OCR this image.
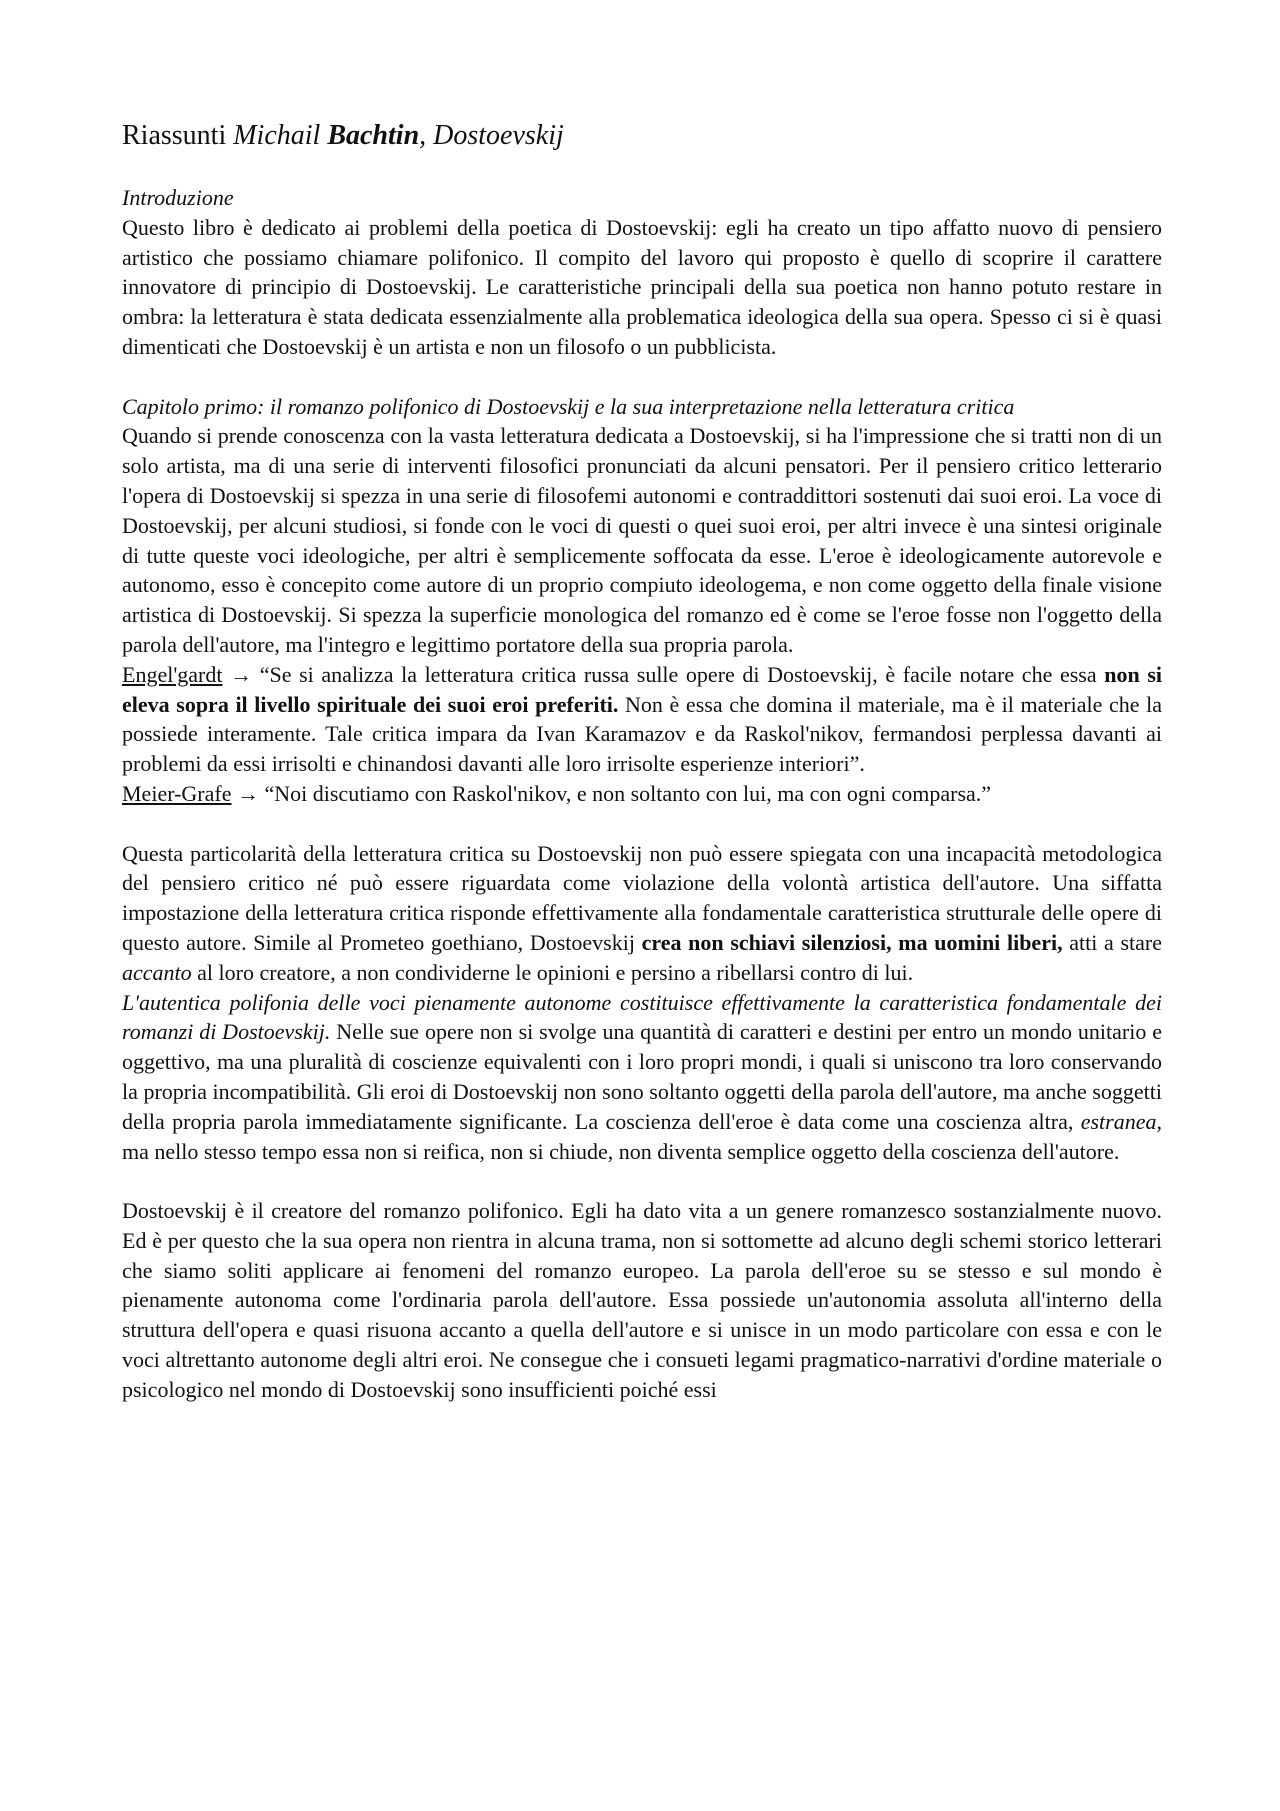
Riassunti Michail Bachtin, Dostoevskij

Introduzione

Questo libro è dedicato ai problemi della poetica di Dostoevskij: egli ha creato un tipo affatto nuovo di pensiero artistico che possiamo chiamare polifonico. Il compito del lavoro qui proposto è quello di scoprire il carattere innovatore di principio di Dostoevskij. Le caratteristiche principali della sua poetica non hanno potuto restare in ombra: la letteratura è stata dedicata essenzialmente alla problematica ideologica della sua opera. Spesso ci si è quasi dimenticati che Dostoevskij è un artista e non un filosofo o un pubblicista.

Capitolo primo: il romanzo polifonico di Dostoevskij e la sua interpretazione nella letteratura critica

Quando si prende conoscenza con la vasta letteratura dedicata a Dostoevskij, si ha l'impressione che si tratti non di un solo artista, ma di una serie di interventi filosofici pronunciati da alcuni pensatori. Per il pensiero critico letterario l'opera di Dostoevskij si spezza in una serie di filosofemi autonomi e contraddittori sostenuti dai suoi eroi. La voce di Dostoevskij, per alcuni studiosi, si fonde con le voci di questi o quei suoi eroi, per altri invece è una sintesi originale di tutte queste voci ideologiche, per altri è semplicemente soffocata da esse. L'eroe è ideologicamente autorevole e autonomo, esso è concepito come autore di un proprio compiuto ideologema, e non come oggetto della finale visione artistica di Dostoevskij. Si spezza la superficie monologica del romanzo ed è come se l'eroe fosse non l'oggetto della parola dell'autore, ma l'integro e legittimo portatore della sua propria parola.

Engel'gardt → “Se si analizza la letteratura critica russa sulle opere di Dostoevskij, è facile notare che essa non si eleva sopra il livello spirituale dei suoi eroi preferiti. Non è essa che domina il materiale, ma è il materiale che la possiede interamente. Tale critica impara da Ivan Karamazov e da Raskol'nikov, fermandosi perplessa davanti ai problemi da essi irrisolti e chinandosi davanti alle loro irrisolte esperienze interiori”.

Meier-Grafe → “Noi discutiamo con Raskol'nikov, e non soltanto con lui, ma con ogni comparsa.”

Questa particolarità della letteratura critica su Dostoevskij non può essere spiegata con una incapacità metodologica del pensiero critico né può essere riguardata come violazione della volontà artistica dell'autore. Una siffatta impostazione della letteratura critica risponde effettivamente alla fondamentale caratteristica strutturale delle opere di questo autore. Simile al Prometeo goethiano, Dostoevskij crea non schiavi silenziosi, ma uomini liberi, atti a stare accanto al loro creatore, a non condividerne le opinioni e persino a ribellarsi contro di lui.

L'autentica polifonia delle voci pienamente autonome costituisce effettivamente la caratteristica fondamentale dei romanzi di Dostoevskij. Nelle sue opere non si svolge una quantità di caratteri e destini per entro un mondo unitario e oggettivo, ma una pluralità di coscienze equivalenti con i loro propri mondi, i quali si uniscono tra loro conservando la propria incompatibilità. Gli eroi di Dostoevskij non sono soltanto oggetti della parola dell'autore, ma anche soggetti della propria parola immediatamente significante. La coscienza dell'eroe è data come una coscienza altra, estranea, ma nello stesso tempo essa non si reifica, non si chiude, non diventa semplice oggetto della coscienza dell'autore.

Dostoevskij è il creatore del romanzo polifonico. Egli ha dato vita a un genere romanzesco sostanzialmente nuovo. Ed è per questo che la sua opera non rientra in alcuna trama, non si sottomette ad alcuno degli schemi storico letterari che siamo soliti applicare ai fenomeni del romanzo europeo. La parola dell'eroe su se stesso e sul mondo è pienamente autonoma come l'ordinaria parola dell'autore. Essa possiede un'autonomia assoluta all'interno della struttura dell'opera e quasi risuona accanto a quella dell'autore e si unisce in un modo particolare con essa e con le voci altrettanto autonome degli altri eroi. Ne consegue che i consueti legami pragmatico-narrativi d'ordine materiale o psicologico nel mondo di Dostoevskij sono insufficienti poiché essi
